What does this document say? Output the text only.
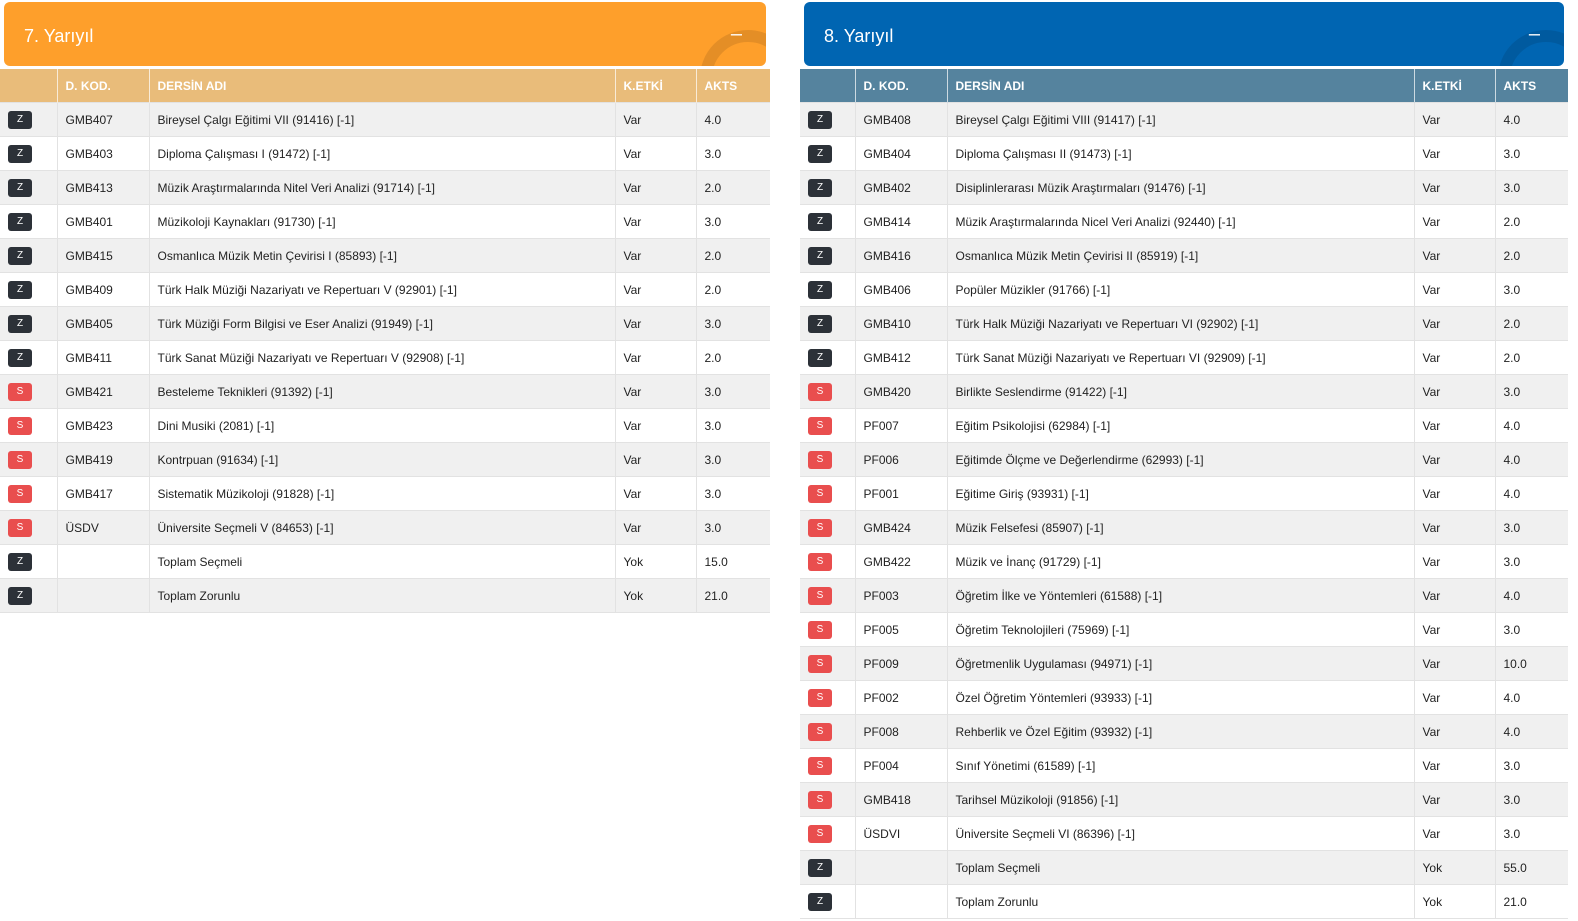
7. Yarıyıl	–
	D. KOD.	DERSİN ADI	K.ETKİ	AKTS
Z	GMB407	Bireysel Çalgı Eğitimi VII (91416) [-1]	Var	4.0
Z	GMB403	Diploma Çalışması I (91472) [-1]	Var	3.0
Z	GMB413	Müzik Araştırmalarında Nitel Veri Analizi (91714) [-1]	Var	2.0
Z	GMB401	Müzikoloji Kaynakları (91730) [-1]	Var	3.0
Z	GMB415	Osmanlıca Müzik Metin Çevirisi I (85893) [-1]	Var	2.0
Z	GMB409	Türk Halk Müziği Nazariyatı ve Repertuarı V (92901) [-1]	Var	2.0
Z	GMB405	Türk Müziği Form Bilgisi ve Eser Analizi (91949) [-1]	Var	3.0
Z	GMB411	Türk Sanat Müziği Nazariyatı ve Repertuarı V (92908) [-1]	Var	2.0
S	GMB421	Besteleme Teknikleri (91392) [-1]	Var	3.0
S	GMB423	Dini Musiki (2081) [-1]	Var	3.0
S	GMB419	Kontrpuan (91634) [-1]	Var	3.0
S	GMB417	Sistematik Müzikoloji (91828) [-1]	Var	3.0
S	ÜSDV	Üniversite Seçmeli V (84653) [-1]	Var	3.0
Z		Toplam Seçmeli	Yok	15.0
Z		Toplam Zorunlu	Yok	21.0
8. Yarıyıl	–
	D. KOD.	DERSİN ADI	K.ETKİ	AKTS
Z	GMB408	Bireysel Çalgı Eğitimi VIII (91417) [-1]	Var	4.0
Z	GMB404	Diploma Çalışması II (91473) [-1]	Var	3.0
Z	GMB402	Disiplinlerarası Müzik Araştırmaları (91476) [-1]	Var	3.0
Z	GMB414	Müzik Araştırmalarında Nicel Veri Analizi (92440) [-1]	Var	2.0
Z	GMB416	Osmanlıca Müzik Metin Çevirisi II (85919) [-1]	Var	2.0
Z	GMB406	Popüler Müzikler (91766) [-1]	Var	3.0
Z	GMB410	Türk Halk Müziği Nazariyatı ve Repertuarı VI (92902) [-1]	Var	2.0
Z	GMB412	Türk Sanat Müziği Nazariyatı ve Repertuarı VI (92909) [-1]	Var	2.0
S	GMB420	Birlikte Seslendirme (91422) [-1]	Var	3.0
S	PF007	Eğitim Psikolojisi (62984) [-1]	Var	4.0
S	PF006	Eğitimde Ölçme ve Değerlendirme (62993) [-1]	Var	4.0
S	PF001	Eğitime Giriş (93931) [-1]	Var	4.0
S	GMB424	Müzik Felsefesi (85907) [-1]	Var	3.0
S	GMB422	Müzik ve İnanç (91729) [-1]	Var	3.0
S	PF003	Öğretim İlke ve Yöntemleri (61588) [-1]	Var	4.0
S	PF005	Öğretim Teknolojileri (75969) [-1]	Var	3.0
S	PF009	Öğretmenlik Uygulaması (94971) [-1]	Var	10.0
S	PF002	Özel Öğretim Yöntemleri (93933) [-1]	Var	4.0
S	PF008	Rehberlik ve Özel Eğitim (93932) [-1]	Var	4.0
S	PF004	Sınıf Yönetimi (61589) [-1]	Var	3.0
S	GMB418	Tarihsel Müzikoloji (91856) [-1]	Var	3.0
S	ÜSDVI	Üniversite Seçmeli VI (86396) [-1]	Var	3.0
Z		Toplam Seçmeli	Yok	55.0
Z		Toplam Zorunlu	Yok	21.0
